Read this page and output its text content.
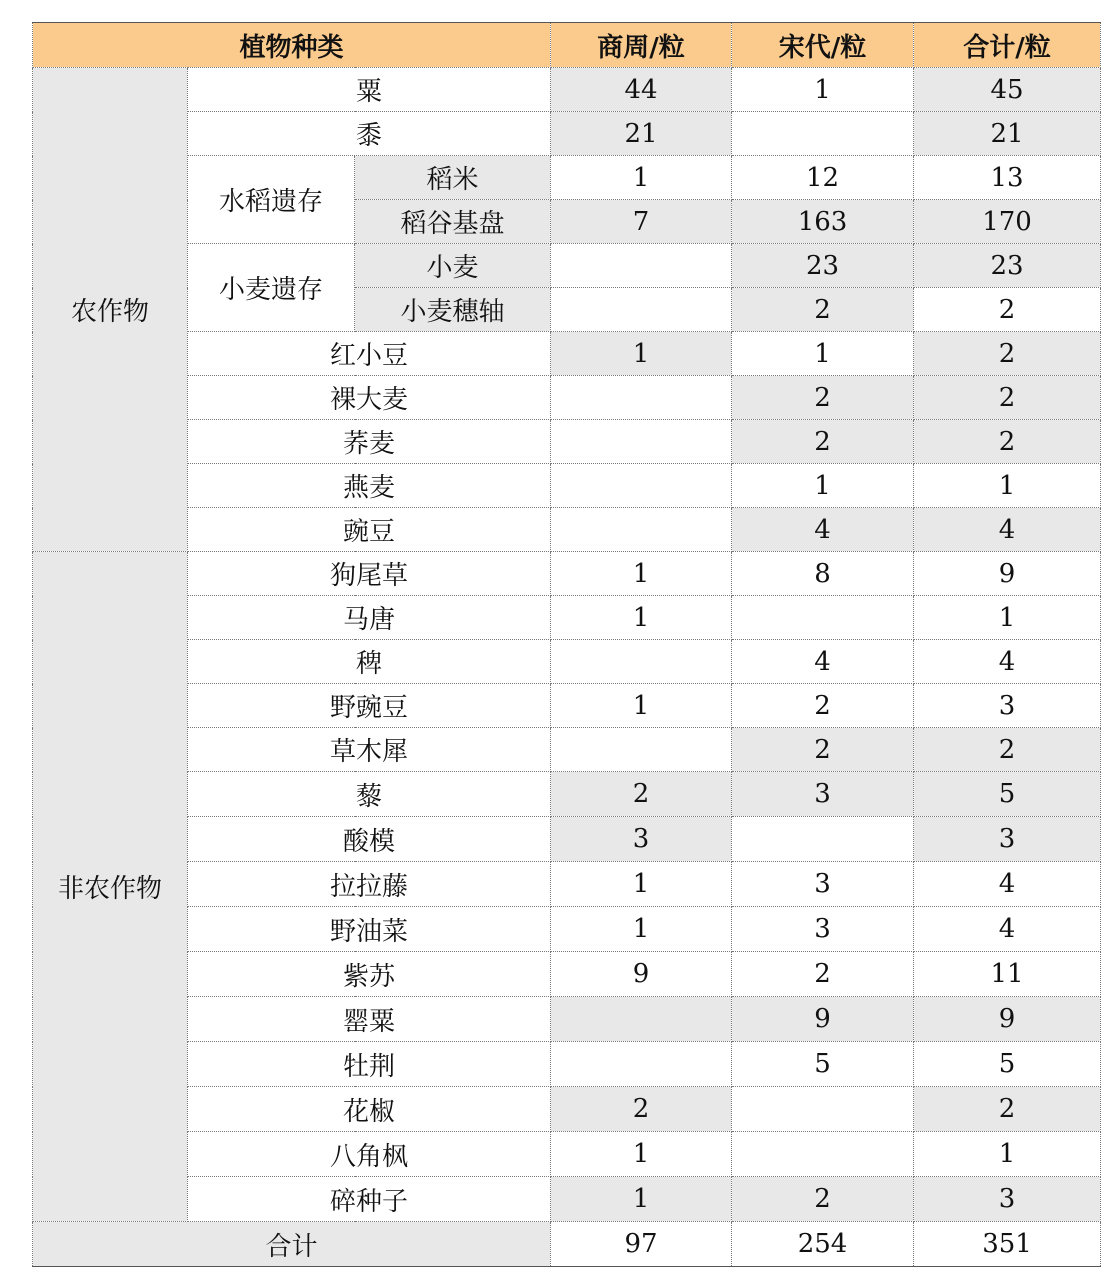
植物种类			商周/粒	宋代/粒	合计/粒
农作物	粟		44	1	45
	黍		21		21
	水稻遗存	稻米	1	12	13
		稻谷基盘	7	163	170
	小麦遗存	小麦		23	23
		小麦穗轴		2	2
	红小豆		1	1	2
	裸大麦			2	2
	荞麦			2	2
	燕麦			1	1
	豌豆			4	4
非农作物	狗尾草		1	8	9
	马唐		1		1
	稗			4	4
	野豌豆		1	2	3
	草木犀			2	2
	藜		2	3	5
	酸模		3		3
	拉拉藤		1	3	4
	野油菜		1	3	4
	紫苏		9	2	11
	罂粟			9	9
	牡荆			5	5
	花椒		2		2
	八角枫		1		1
	碎种子		1	2	3
合计			97	254	351
